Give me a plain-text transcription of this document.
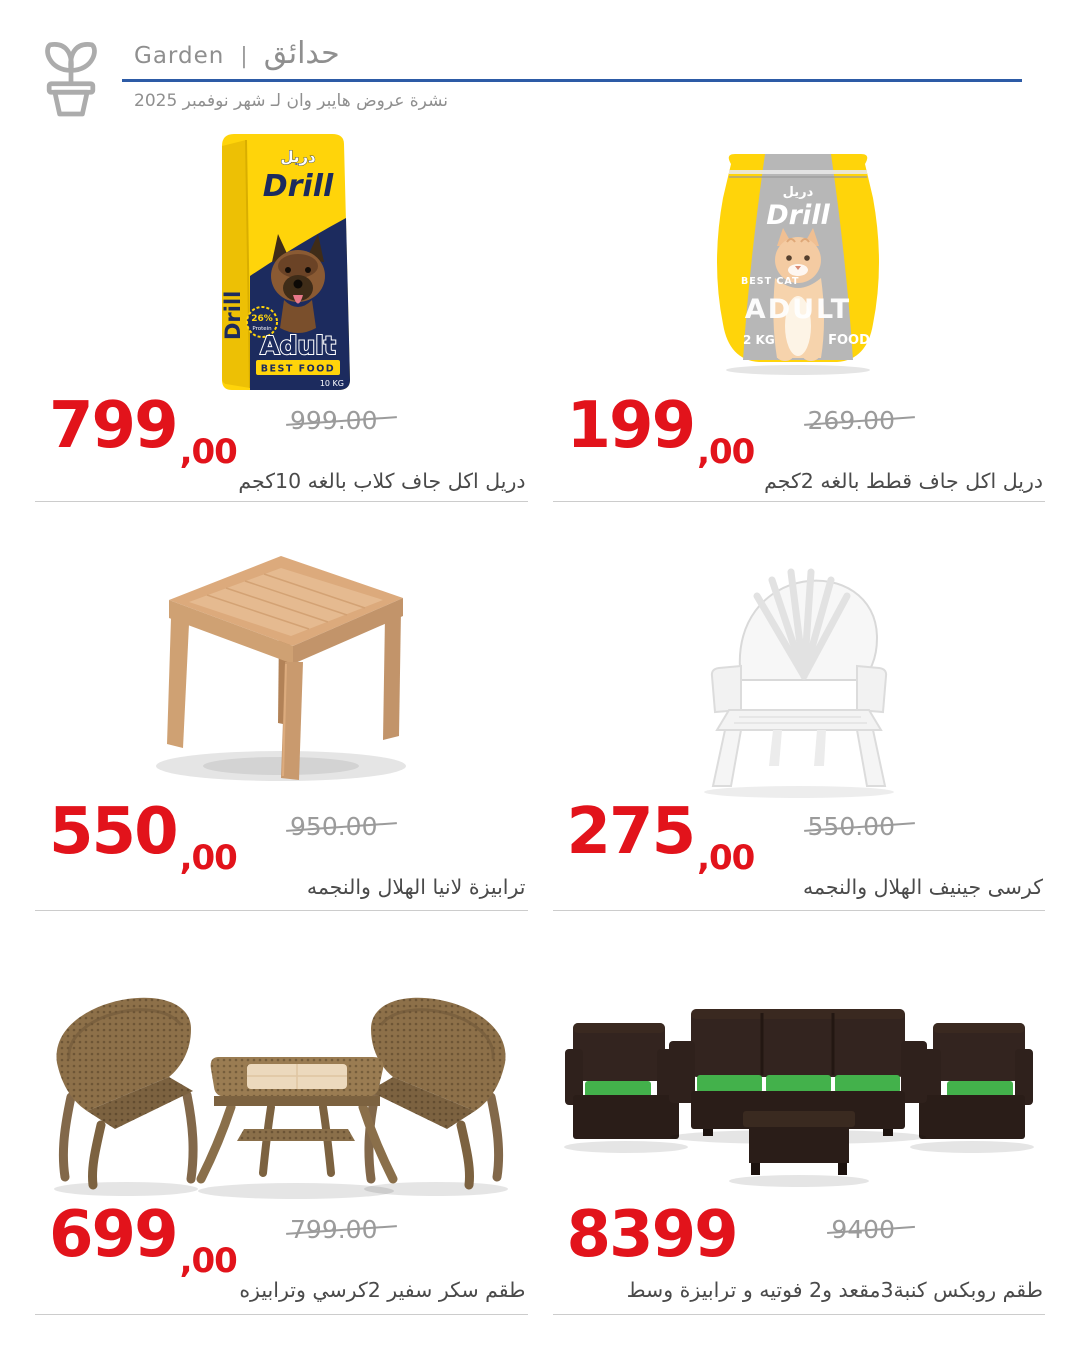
Garden | حدائق
نشرة عروض هايبر وان لـ شهر نوفمبر 2025
دريل
Drill
Drill 26%
Protein
Adult
BEST FOOD
10 KG
$799_{,00}$
999.00
دريل اكل جاف كلاب بالغه 10كجم
دريل
Drill
BEST CAT
ADULT
2 KG	FOOD
$199_{,00}$
269.00
دريل اكل جاف قطط بالغه 2كجم
$550_{,00}$
950.00
ترابيزة لانيا الهلال والنجمه
$275_{,00}$
550.00
كرسى جينيف الهلال والنجمه
$699_{,00}$
799.00
طقم سكر سفير 2كرسي وترابيزه
8399	9400
طقم روبكس كنبة3مقعد و2 فوتيه و ترابيزة وسط
